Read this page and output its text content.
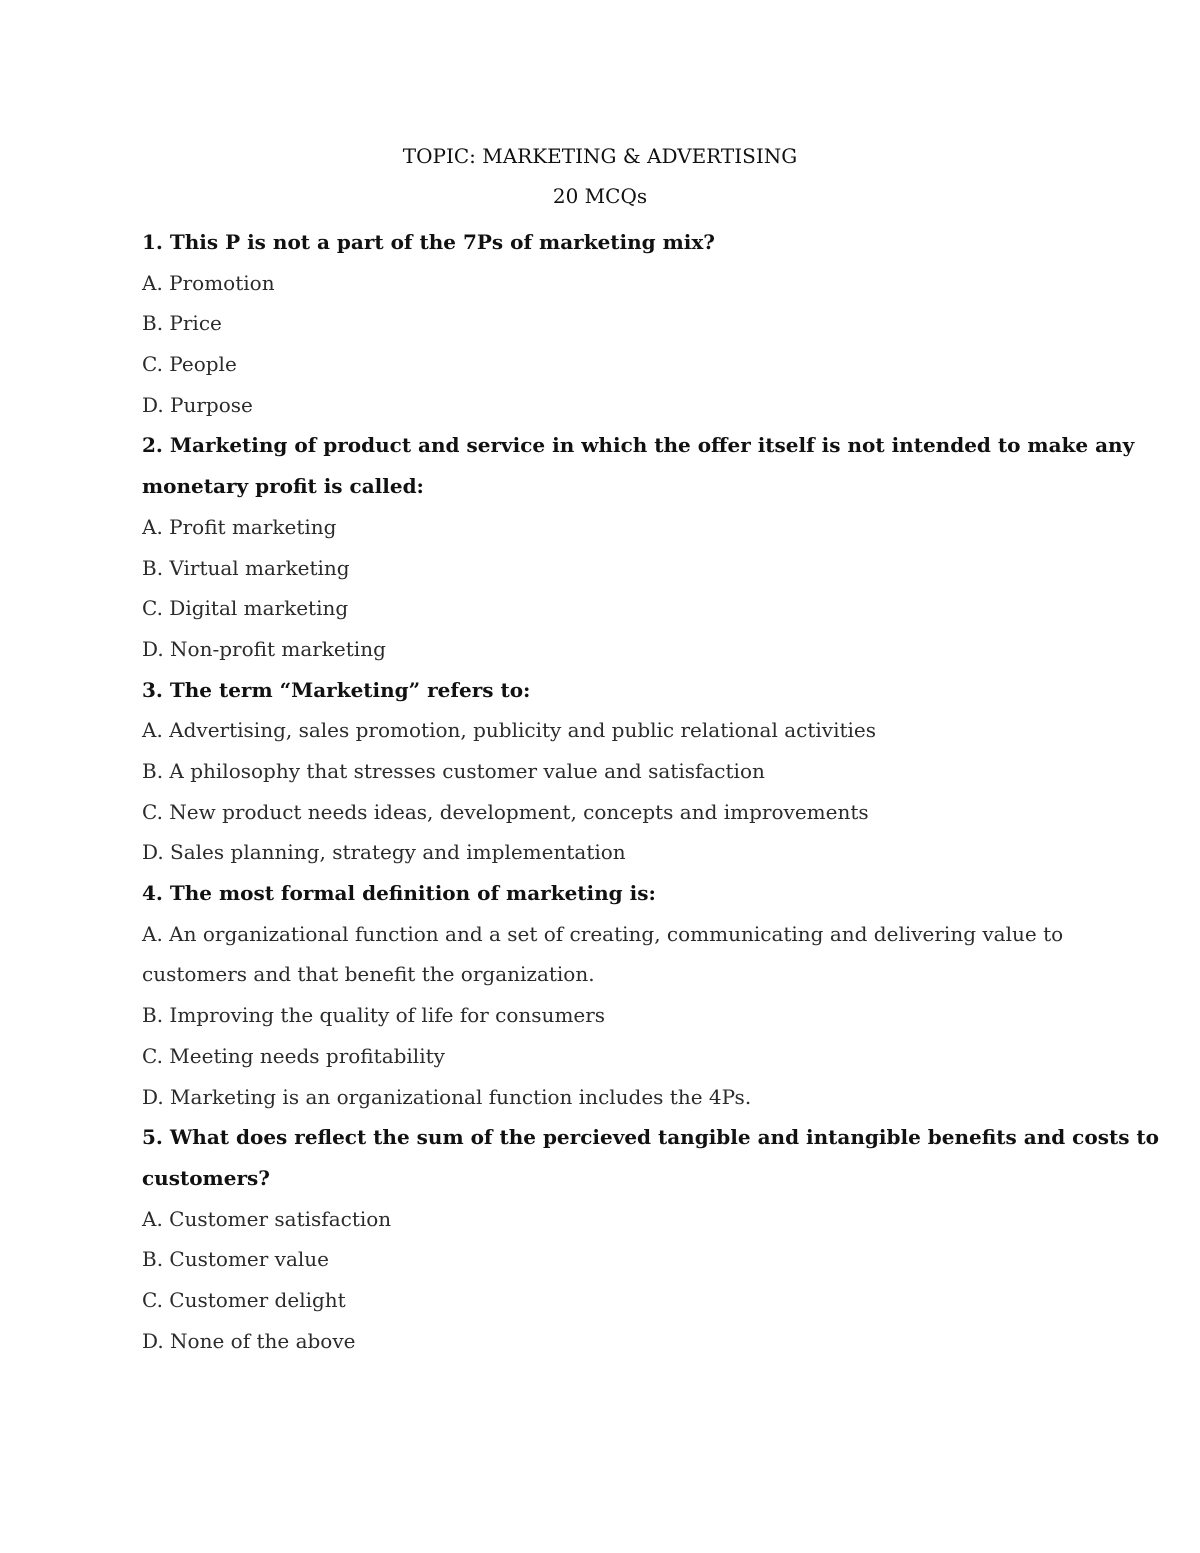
TOPIC: MARKETING & ADVERTISING
20 MCQs
1. This P is not a part of the 7Ps of marketing mix?
A. Promotion
B. Price
C. People
D. Purpose
2. Marketing of product and service in which the offer itself is not intended to make any
monetary profit is called:
A. Profit marketing
B. Virtual marketing
C. Digital marketing
D. Non-profit marketing
3. The term “Marketing” refers to:
A. Advertising, sales promotion, publicity and public relational activities
B. A philosophy that stresses customer value and satisfaction
C. New product needs ideas, development, concepts and improvements
D. Sales planning, strategy and implementation
4. The most formal definition of marketing is:
A. An organizational function and a set of creating, communicating and delivering value to
customers and that benefit the organization.
B. Improving the quality of life for consumers
C. Meeting needs profitability
D. Marketing is an organizational function includes the 4Ps.
5. What does reflect the sum of the percieved tangible and intangible benefits and costs to
customers?
A. Customer satisfaction
B. Customer value
C. Customer delight
D. None of the above
